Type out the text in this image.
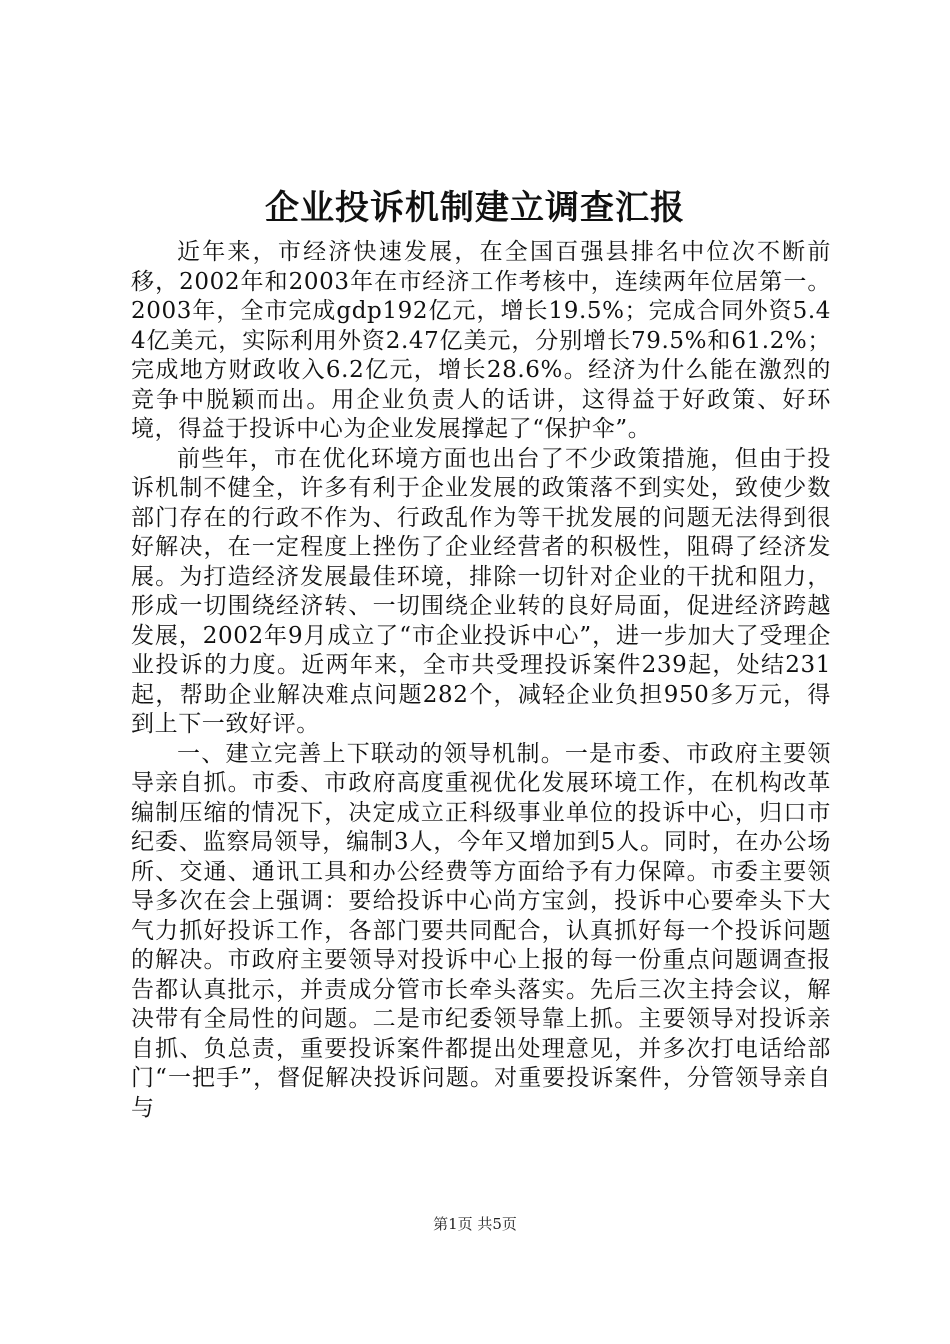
企业投诉机制建立调查汇报

近年来，市经济快速发展，在全国百强县排名中位次不断前移，2002年和2003年在市经济工作考核中，连续两年位居第一。2003年，全市完成gdp192亿元，增长19.5%；完成合同外资5.44亿美元，实际利用外资2.47亿美元，分别增长79.5%和61.2%；完成地方财政收入6.2亿元，增长28.6%。经济为什么能在激烈的竞争中脱颖而出。用企业负责人的话讲，这得益于好政策、好环境，得益于投诉中心为企业发展撑起了“保护伞”。

前些年，市在优化环境方面也出台了不少政策措施，但由于投诉机制不健全，许多有利于企业发展的政策落不到实处，致使少数部门存在的行政不作为、行政乱作为等干扰发展的问题无法得到很好解决，在一定程度上挫伤了企业经营者的积极性，阻碍了经济发展。为打造经济发展最佳环境，排除一切针对企业的干扰和阻力，形成一切围绕经济转、一切围绕企业转的良好局面，促进经济跨越发展，2002年9月成立了“市企业投诉中心”，进一步加大了受理企业投诉的力度。近两年来，全市共受理投诉案件239起，处结231起，帮助企业解决难点问题282个，减轻企业负担950多万元，得到上下一致好评。

一、建立完善上下联动的领导机制。一是市委、市政府主要领导亲自抓。市委、市政府高度重视优化发展环境工作，在机构改革编制压缩的情况下，决定成立正科级事业单位的投诉中心，归口市纪委、监察局领导，编制3人，今年又增加到5人。同时，在办公场所、交通、通讯工具和办公经费等方面给予有力保障。市委主要领导多次在会上强调：要给投诉中心尚方宝剑，投诉中心要牵头下大气力抓好投诉工作，各部门要共同配合，认真抓好每一个投诉问题的解决。市政府主要领导对投诉中心上报的每一份重点问题调查报告都认真批示，并责成分管市长牵头落实。先后三次主持会议，解决带有全局性的问题。二是市纪委领导靠上抓。主要领导对投诉亲自抓、负总责，重要投诉案件都提出处理意见，并多次打电话给部门“一把手”，督促解决投诉问题。对重要投诉案件，分管领导亲自与

第1页 共5页
